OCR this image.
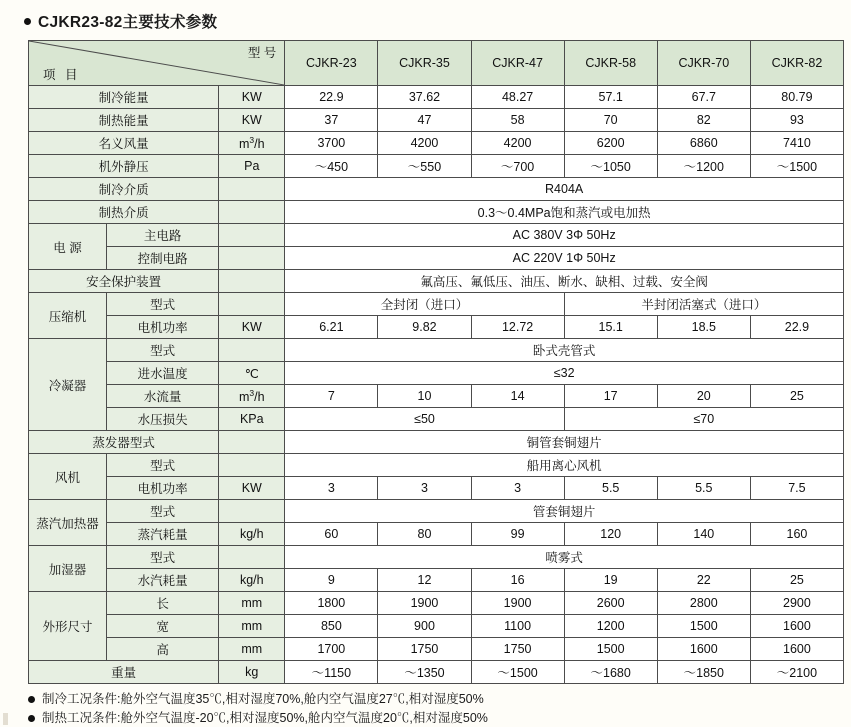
CJKR23-82主要技术参数
型 号
项 目			CJKR-23	CJKR-35	CJKR-47	CJKR-58	CJKR-70	CJKR-82
制冷能量		KW	22.9	37.62	48.27	57.1	67.7	80.79
制热能量		KW	37	47	58	70	82	93
名义风量		$m^3/h$	3700	4200	4200	6200	6860	7410
机外静压		Pa	～450	～550	～700	～1050	～1200	～1500
制冷介质			R404A					
制热介质			0.3～0.4MPa饱和蒸汽或电加热					
电 源	主电路		AC 380V 3Φ 50Hz					
	控制电路		AC 220V 1Φ 50Hz					
安全保护装置			氟高压、氟低压、油压、断水、缺相、过载、安全阀					
压缩机	型式		全封闭（进口）			半封闭活塞式（进口）		
	电机功率	KW	6.21	9.82	12.72	15.1	18.5	22.9
冷凝器	型式		卧式壳管式					
	进水温度	℃	≤32					
	水流量	$m^3/h$	7	10	14	17	20	25
	水压损失	KPa	≤50			≤70		
蒸发器型式			铜管套铜翅片					
风机	型式		船用离心风机					
	电机功率	KW	3	3	3	5.5	5.5	7.5
蒸汽加热器	型式		管套铜翅片					
	蒸汽耗量	kg/h	60	80	99	120	140	160
加湿器	型式		喷雾式					
	水汽耗量	kg/h	9	12	16	19	22	25
外形尺寸	长	mm	1800	1900	1900	2600	2800	2900
	宽	mm	850	900	1100	1200	1500	1600
	高	mm	1700	1750	1750	1500	1600	1600
重量		kg	～1150	～1350	～1500	～1680	～1850	～2100
制冷工况条件:舱外空气温度35℃,相对湿度70%,舱内空气温度27℃,相对湿度50%
制热工况条件:舱外空气温度-20℃,相对湿度50%,舱内空气温度20℃,相对湿度50%
